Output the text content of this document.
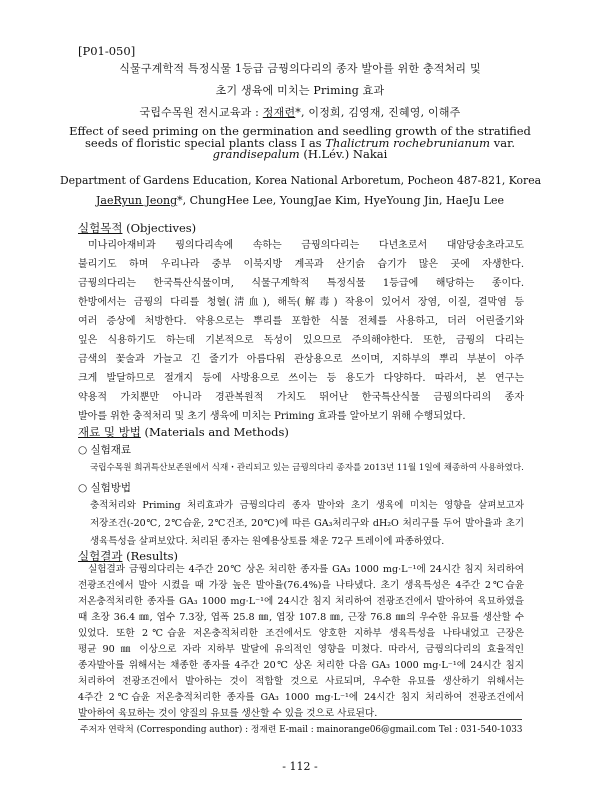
[P01-050]
식물구계학적 특정식물 1등급 금꿩의다리의 종자 발아를 위한 충적처리 및
초기 생육에 미치는 Priming 효과
국립수목원 전시교육과 : 정재련*, 이정희, 김영재, 진혜영, 이해주
Effect of seed priming on the germination and seedling growth of the stratified
seeds of floristic special plants class I as Thalictrum rochebrunianum var.
grandisepalum (H.Lév.) Nakai
Department of Gardens Education, Korea National Arboretum, Pocheon 487-821, Korea
JaeRyun Jeong*, ChungHee Lee, YoungJae Kim, HyeYoung Jin, HaeJu Lee
실험목적 (Objectives)
미나리아재비과 꿩의다리속에 속하는 금꿩의다리는 다년초로서 대암당송초라고도
불리기도 하며 우리나라 중부 이북지방 계곡과 산기슭 습기가 많은 곳에 자생한다.
금꿩의다리는 한국특산식물이며, 식물구계학적 특정식물 1등급에 해당하는 종이다.
한방에서는 금꿩의 다리를 청혈(淸血), 해독(解毒) 작용이 있어서 장염, 이질, 결막염 등
여러 증상에 처방한다. 약용으로는 뿌리를 포함한 식물 전체를 사용하고, 더러 어린줄기와
잎은 식용하기도 하는데 기본적으로 독성이 있으므로 주의해야한다. 또한, 금꿩의 다리는
금색의 꽃술과 가늘고 긴 줄기가 아름다워 관상용으로 쓰이며, 지하부의 뿌리 부분이 아주
크게 발달하므로 절개지 등에 사방용으로 쓰이는 등 용도가 다양하다. 따라서, 본 연구는
약용적 가치뿐만 아니라 경관복원적 가치도 뛰어난 한국특산식물 금꿩의다리의 종자
발아를 위한 충적처리 및 초기 생육에 미치는 Priming 효과를 알아보기 위해 수행되었다.
재료 및 방법 (Materials and Methods)
○ 실험재료
국립수목원 희귀특산보존원에서 식재・관리되고 있는 금꿩의다리 종자를 2013년 11월 1일에 채종하여 사용하였다.
○ 실험방법
충적처리와 Priming 처리효과가 금꿩의다리 종자 발아와 초기 생육에 미치는 영향을 살펴보고자
저장조건(-20℃, 2℃습윤, 2℃건조, 20℃)에 따른 GA₃처리구와 dH₂O 처리구를 두어 발아율과 초기
생육특성을 살펴보았다. 처리된 종자는 원예용상토를 채운 72구 트레이에 파종하였다.
실험결과 (Results)
실험결과 금꿩의다리는 4주간 20℃ 상온 처리한 종자를 GA₃ 1000 mg·L⁻¹에 24시간 침지 처리하여
전광조건에서 발아 시켰을 때 가장 높은 발아율(76.4%)을 나타냈다. 초기 생육특성은 4주간 2℃습윤
저온충적처리한 종자를 GA₃ 1000 mg·L⁻¹에 24시간 침지 처리하여 전광조건에서 발아하여 육묘하였을
때 초장 36.4 ㎜, 엽수 7.3장, 엽폭 25.8 ㎜, 엽장 107.8 ㎜, 근장 76.8 ㎜의 우수한 유묘를 생산할 수
있었다. 또한 2℃습윤 저온충적처리한 조건에서도 양호한 지하부 생육특성을 나타내었고 근장은
평균 90 ㎜ 이상으로 자라 지하부 발달에 유의적인 영향을 미쳤다. 따라서, 금꿩의다리의 효율적인
종자발아를 위해서는 채종한 종자를 4주간 20℃ 상온 처리한 다음 GA₃ 1000 mg·L⁻¹에 24시간 침지
처리하여 전광조건에서 발아하는 것이 적합할 것으로 사료되며, 우수한 유묘를 생산하기 위해서는
4주간 2℃습윤 저온충적처리한 종자를 GA₃ 1000 mg·L⁻¹에 24시간 침지 처리하여 전광조건에서
발아하여 육묘하는 것이 양질의 유묘를 생산할 수 있을 것으로 사료된다.
주저자 연락처 (Corresponding author) : 정재련 E-mail : mainorange06@gmail.com Tel : 031-540-1033
- 112 -
